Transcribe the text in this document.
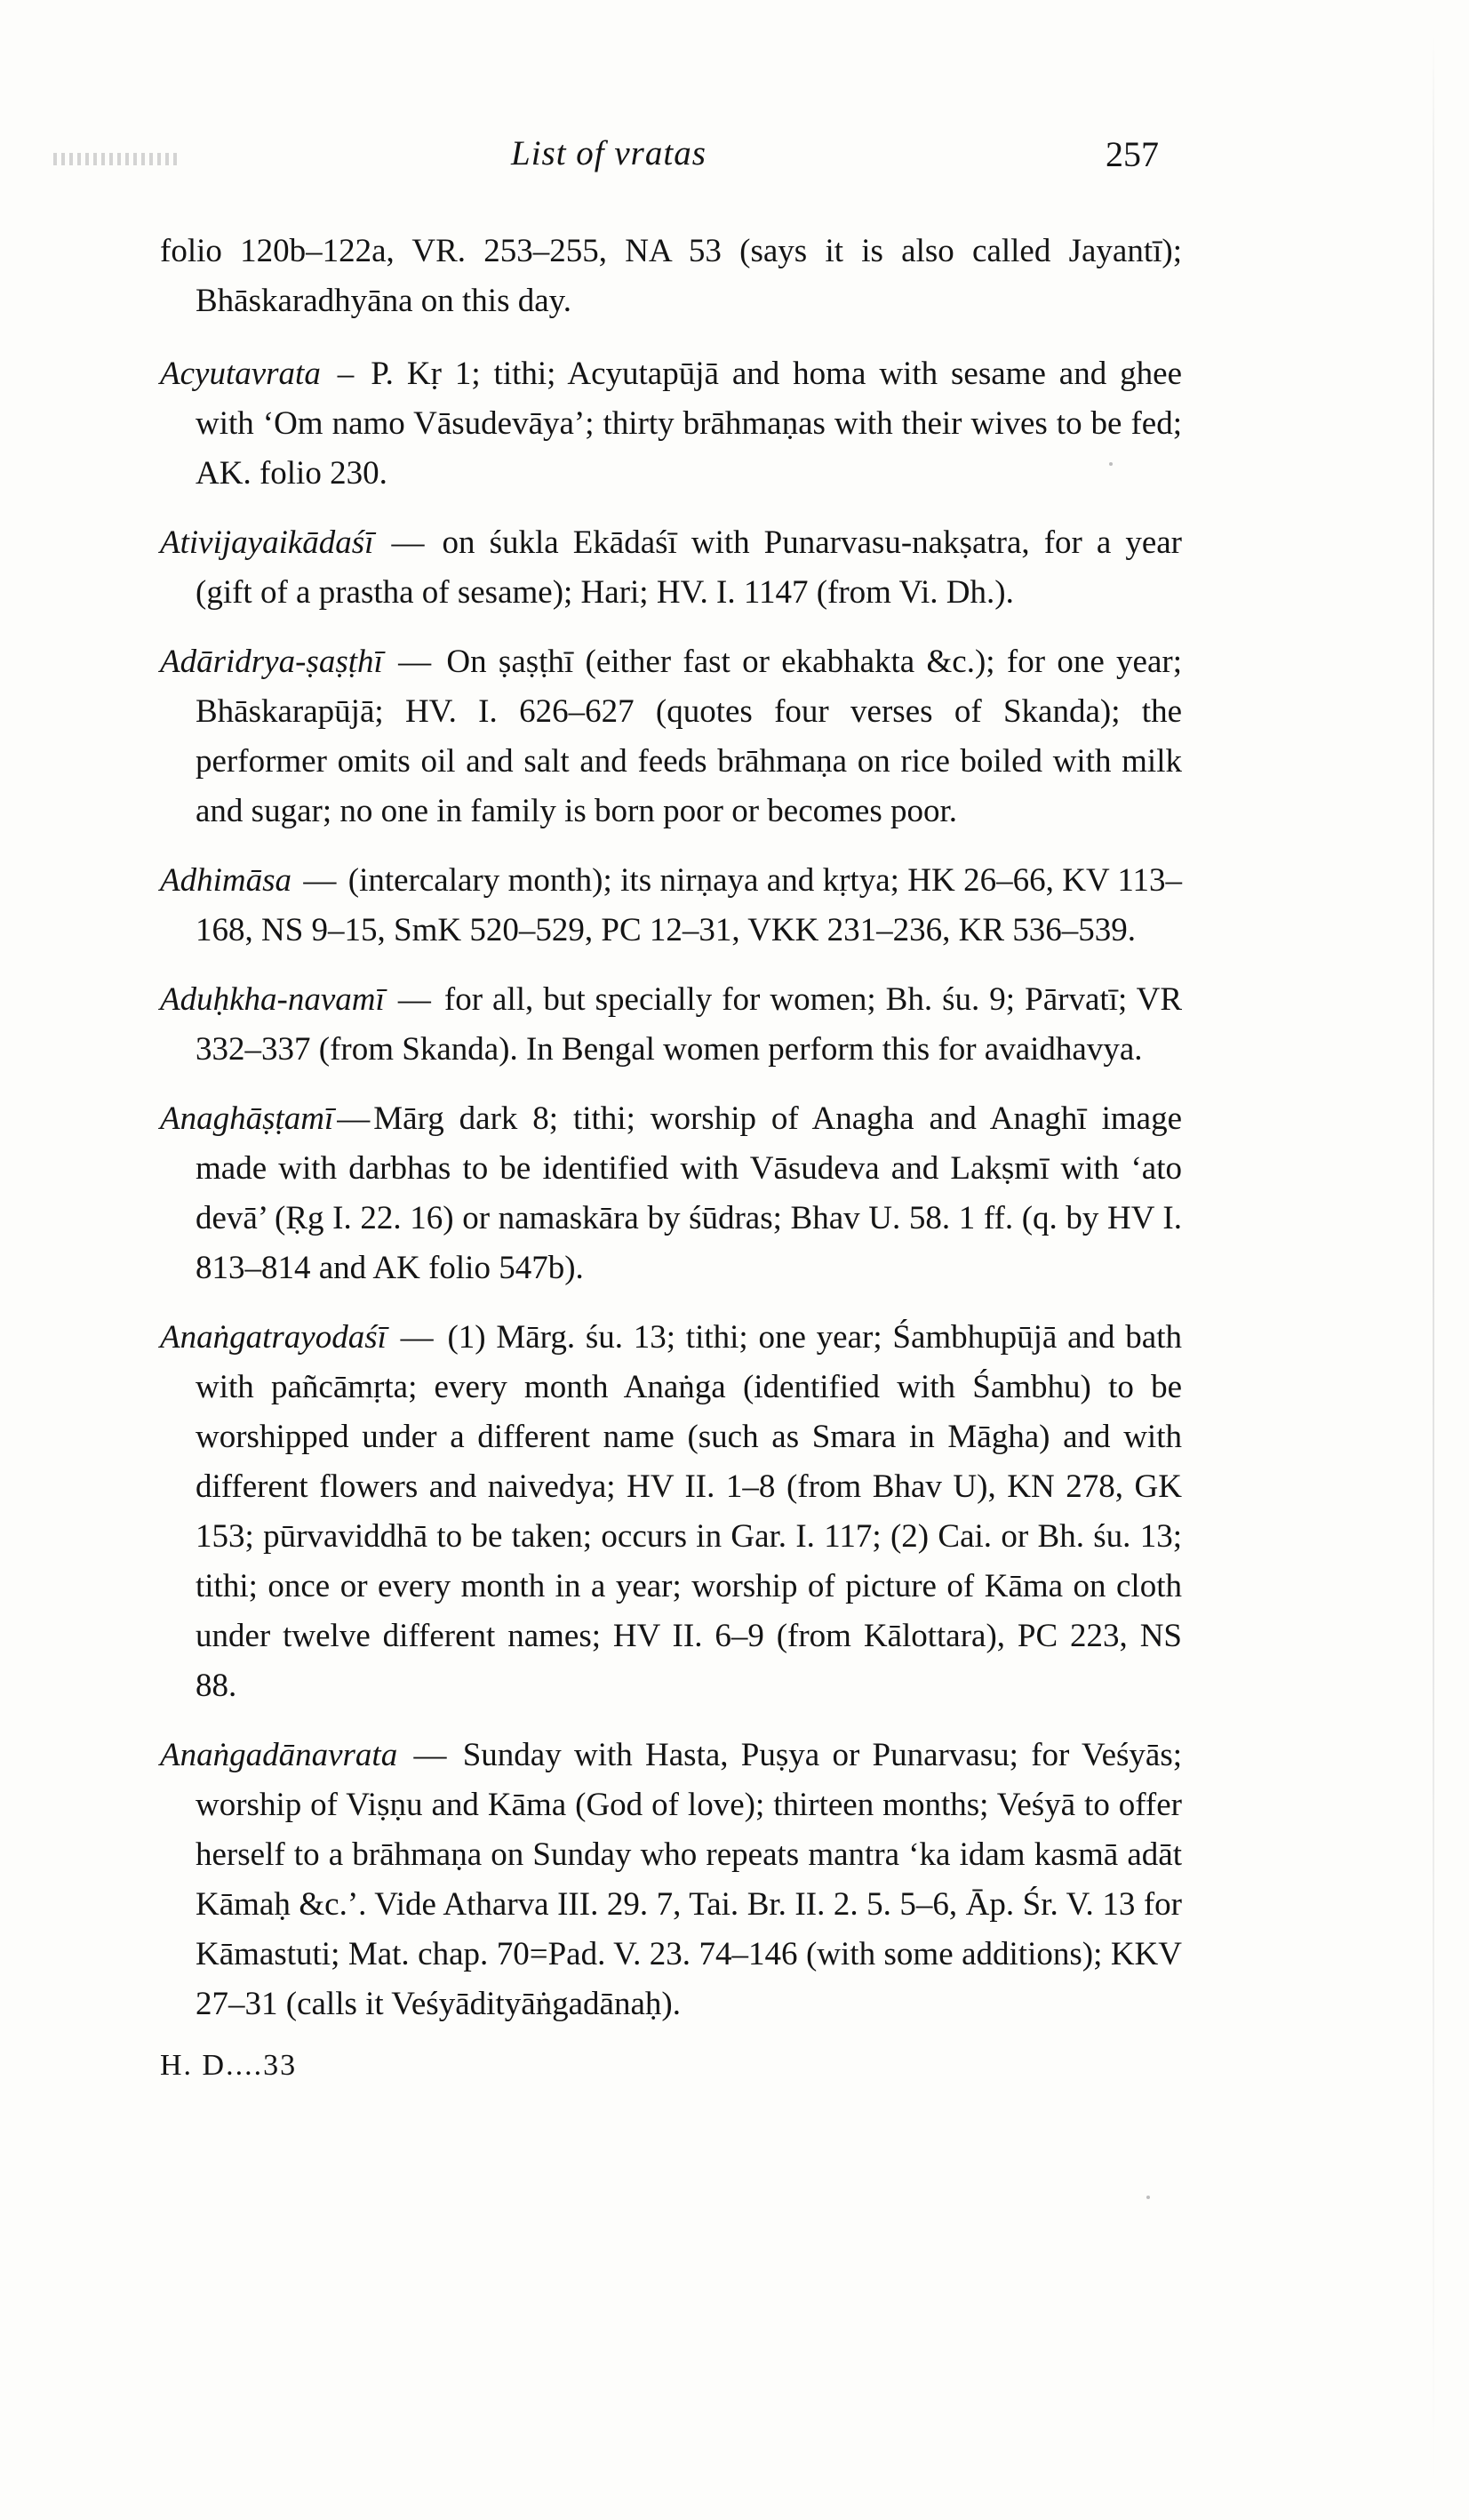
List of vratas	257

folio 120b–122a, VR. 253–255, NA 53 (says it is also called Jayantī); Bhāskaradhyāna on this day.

Acyutavrata – P. Kṛ 1; tithi; Acyutapūjā and homa with sesame and ghee with ‘Om namo Vāsudevāya’; thirty brāhmaṇas with their wives to be fed; AK. folio 230.

Ativijayaikādaśī — on śukla Ekādaśī with Punarvasu-nakṣatra, for a year (gift of a prastha of sesame); Hari; HV. I. 1147 (from Vi. Dh.).

Adāridrya-ṣaṣṭhī — On ṣaṣṭhī (either fast or ekabhakta &c.); for one year; Bhāskarapūjā; HV. I. 626–627 (quotes four verses of Skanda); the performer omits oil and salt and feeds brāhmaṇa on rice boiled with milk and sugar; no one in family is born poor or becomes poor.

Adhimāsa — (intercalary month); its nirṇaya and kṛtya; HK 26–66, KV 113–168, NS 9–15, SmK 520–529, PC 12–31, VKK 231–236, KR 536–539.

Aduḥkha-navamī — for all, but specially for women; Bh. śu. 9; Pārvatī; VR 332–337 (from Skanda). In Bengal women perform this for avaidhavya.

Anaghāṣṭamī — Mārg dark 8; tithi; worship of Anagha and Anaghī image made with darbhas to be identified with Vāsudeva and Lakṣmī with ‘ato devā’ (Ṛg I. 22. 16) or namaskāra by śūdras; Bhav U. 58. 1 ff. (q. by HV I. 813–814 and AK folio 547b).

Anaṅgatrayodaśī — (1) Mārg. śu. 13; tithi; one year; Śambhupūjā and bath with pañcāmṛta; every month Anaṅga (identified with Śambhu) to be worshipped under a different name (such as Smara in Māgha) and with different flowers and naivedya; HV II. 1–8 (from Bhav U), KN 278, GK 153; pūrvaviddhā to be taken; occurs in Gar. I. 117; (2) Cai. or Bh. śu. 13; tithi; once or every month in a year; worship of picture of Kāma on cloth under twelve different names; HV II. 6–9 (from Kālottara), PC 223, NS 88.

Anaṅgadānavrata — Sunday with Hasta, Puṣya or Punarvasu; for Veśyās; worship of Viṣṇu and Kāma (God of love); thirteen months; Veśyā to offer herself to a brāhmaṇa on Sunday who repeats mantra ‘ka idam kasmā adāt Kāmaḥ &c.’. Vide Atharva III. 29. 7, Tai. Br. II. 2. 5. 5–6, Āp. Śr. V. 13 for Kāmastuti; Mat. chap. 70=Pad. V. 23. 74–146 (with some additions); KKV 27–31 (calls it Veśyādityāṅgadānaḥ).

H. D....33
